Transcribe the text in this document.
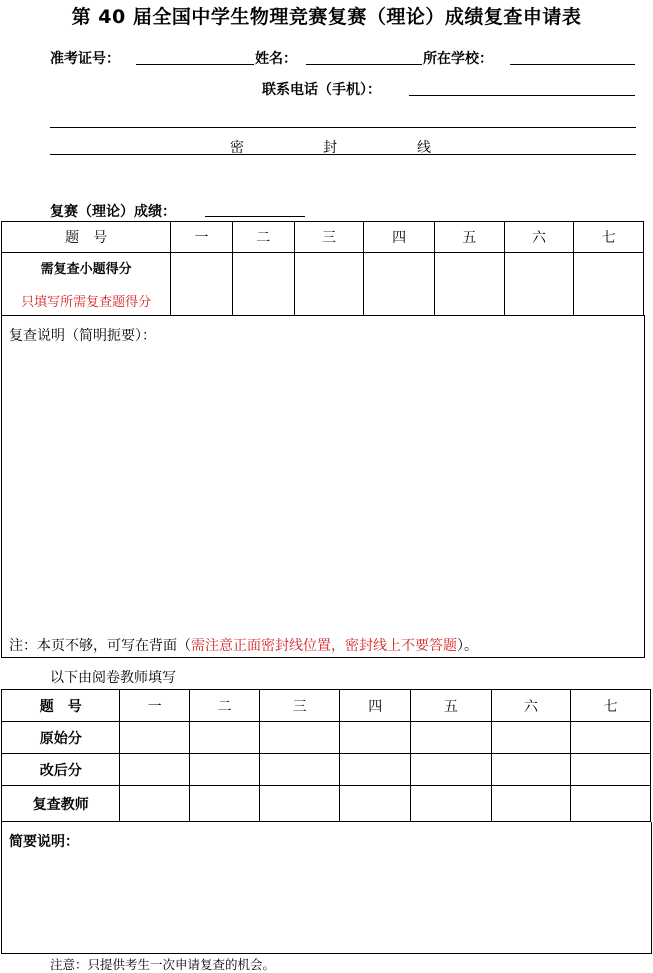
第 40 届全国中学生物理竞赛复赛（理论）成绩复查申请表
准考证号：	姓名：	所在学校：
联系电话（手机）：
密	封	线
复赛（理论）成绩：
题　号	一	二	三	四	五	六	七

需复查小题得分
只填写所需复查题得分							

复查说明（简明扼要）：
注：本页不够，可写在背面（需注意正面密封线位置，密封线上不要答题）。
以下由阅卷教师填写
题　号	一	二	三	四	五	六	七
原始分							
改后分							
复查教师							
简要说明：
注意：只提供考生一次申请复查的机会。
